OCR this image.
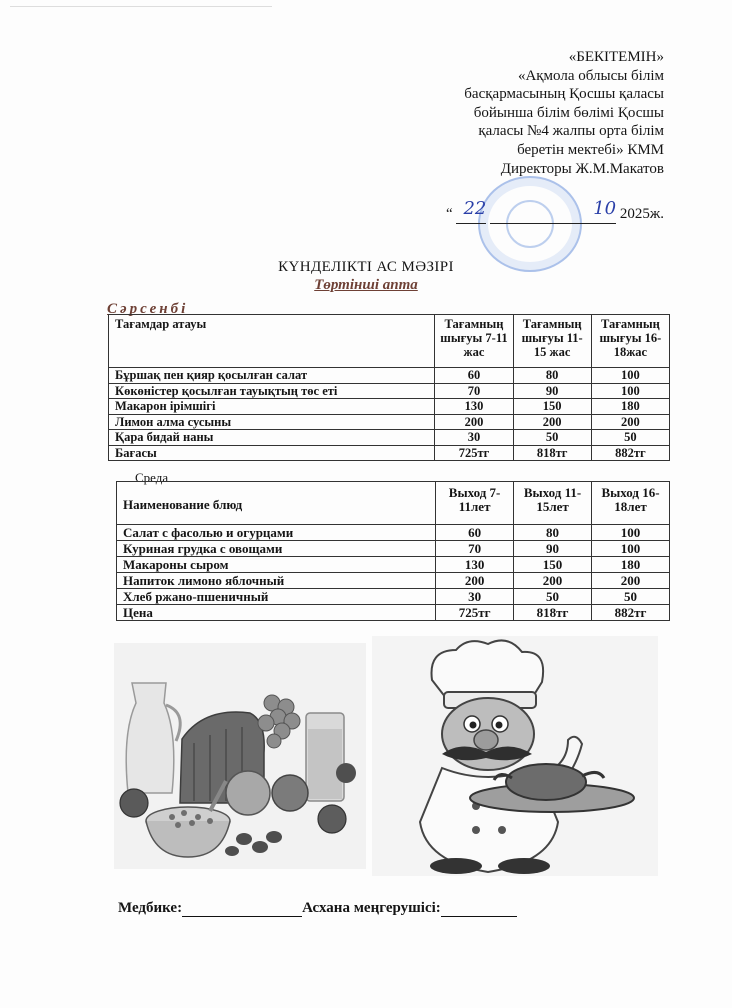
«БЕКІТЕМІН»
«Ақмола облысы білім
басқармасының Қосшы қаласы
бойынша білім бөлімі Қосшы
қаласы №4 жалпы орта білім
беретін мектебі» КММ
Директоры Ж.М.Макатов
“ 22	10 2025ж.
КҮНДЕЛІКТІ АС МӘЗІРІ
Төртінші апта
Сәрсенбі
Тағамдар атауы	Тағамның шығуы 7-11 жас	Тағамның шығуы 11-15 жас	Тағамның шығуы 16-18жас
Бұршақ пен қияр қосылған салат	60	80	100
Көкөністер қосылған тауықтың төс еті	70	90	100
Макарон ірімшігі	130	150	180
Лимон алма сусыны	200	200	200
Қара бидай наны	30	50	50
Бағасы	725тг	818тг	882тг
Среда
Наименование блюд	Выход 7-11лет	Выход 11-15лет	Выход 16-18лет
Салат с фасолью и огурцами	60	80	100
Куриная грудка с овощами	70	90	100
Макароны сыром	130	150	180
Напиток лимоно яблочный	200	200	200
Хлеб ржано-пшеничный	30	50	50
Цена	725тг	818тг	882тг
Медбике:	Асхана меңгерушісі:
